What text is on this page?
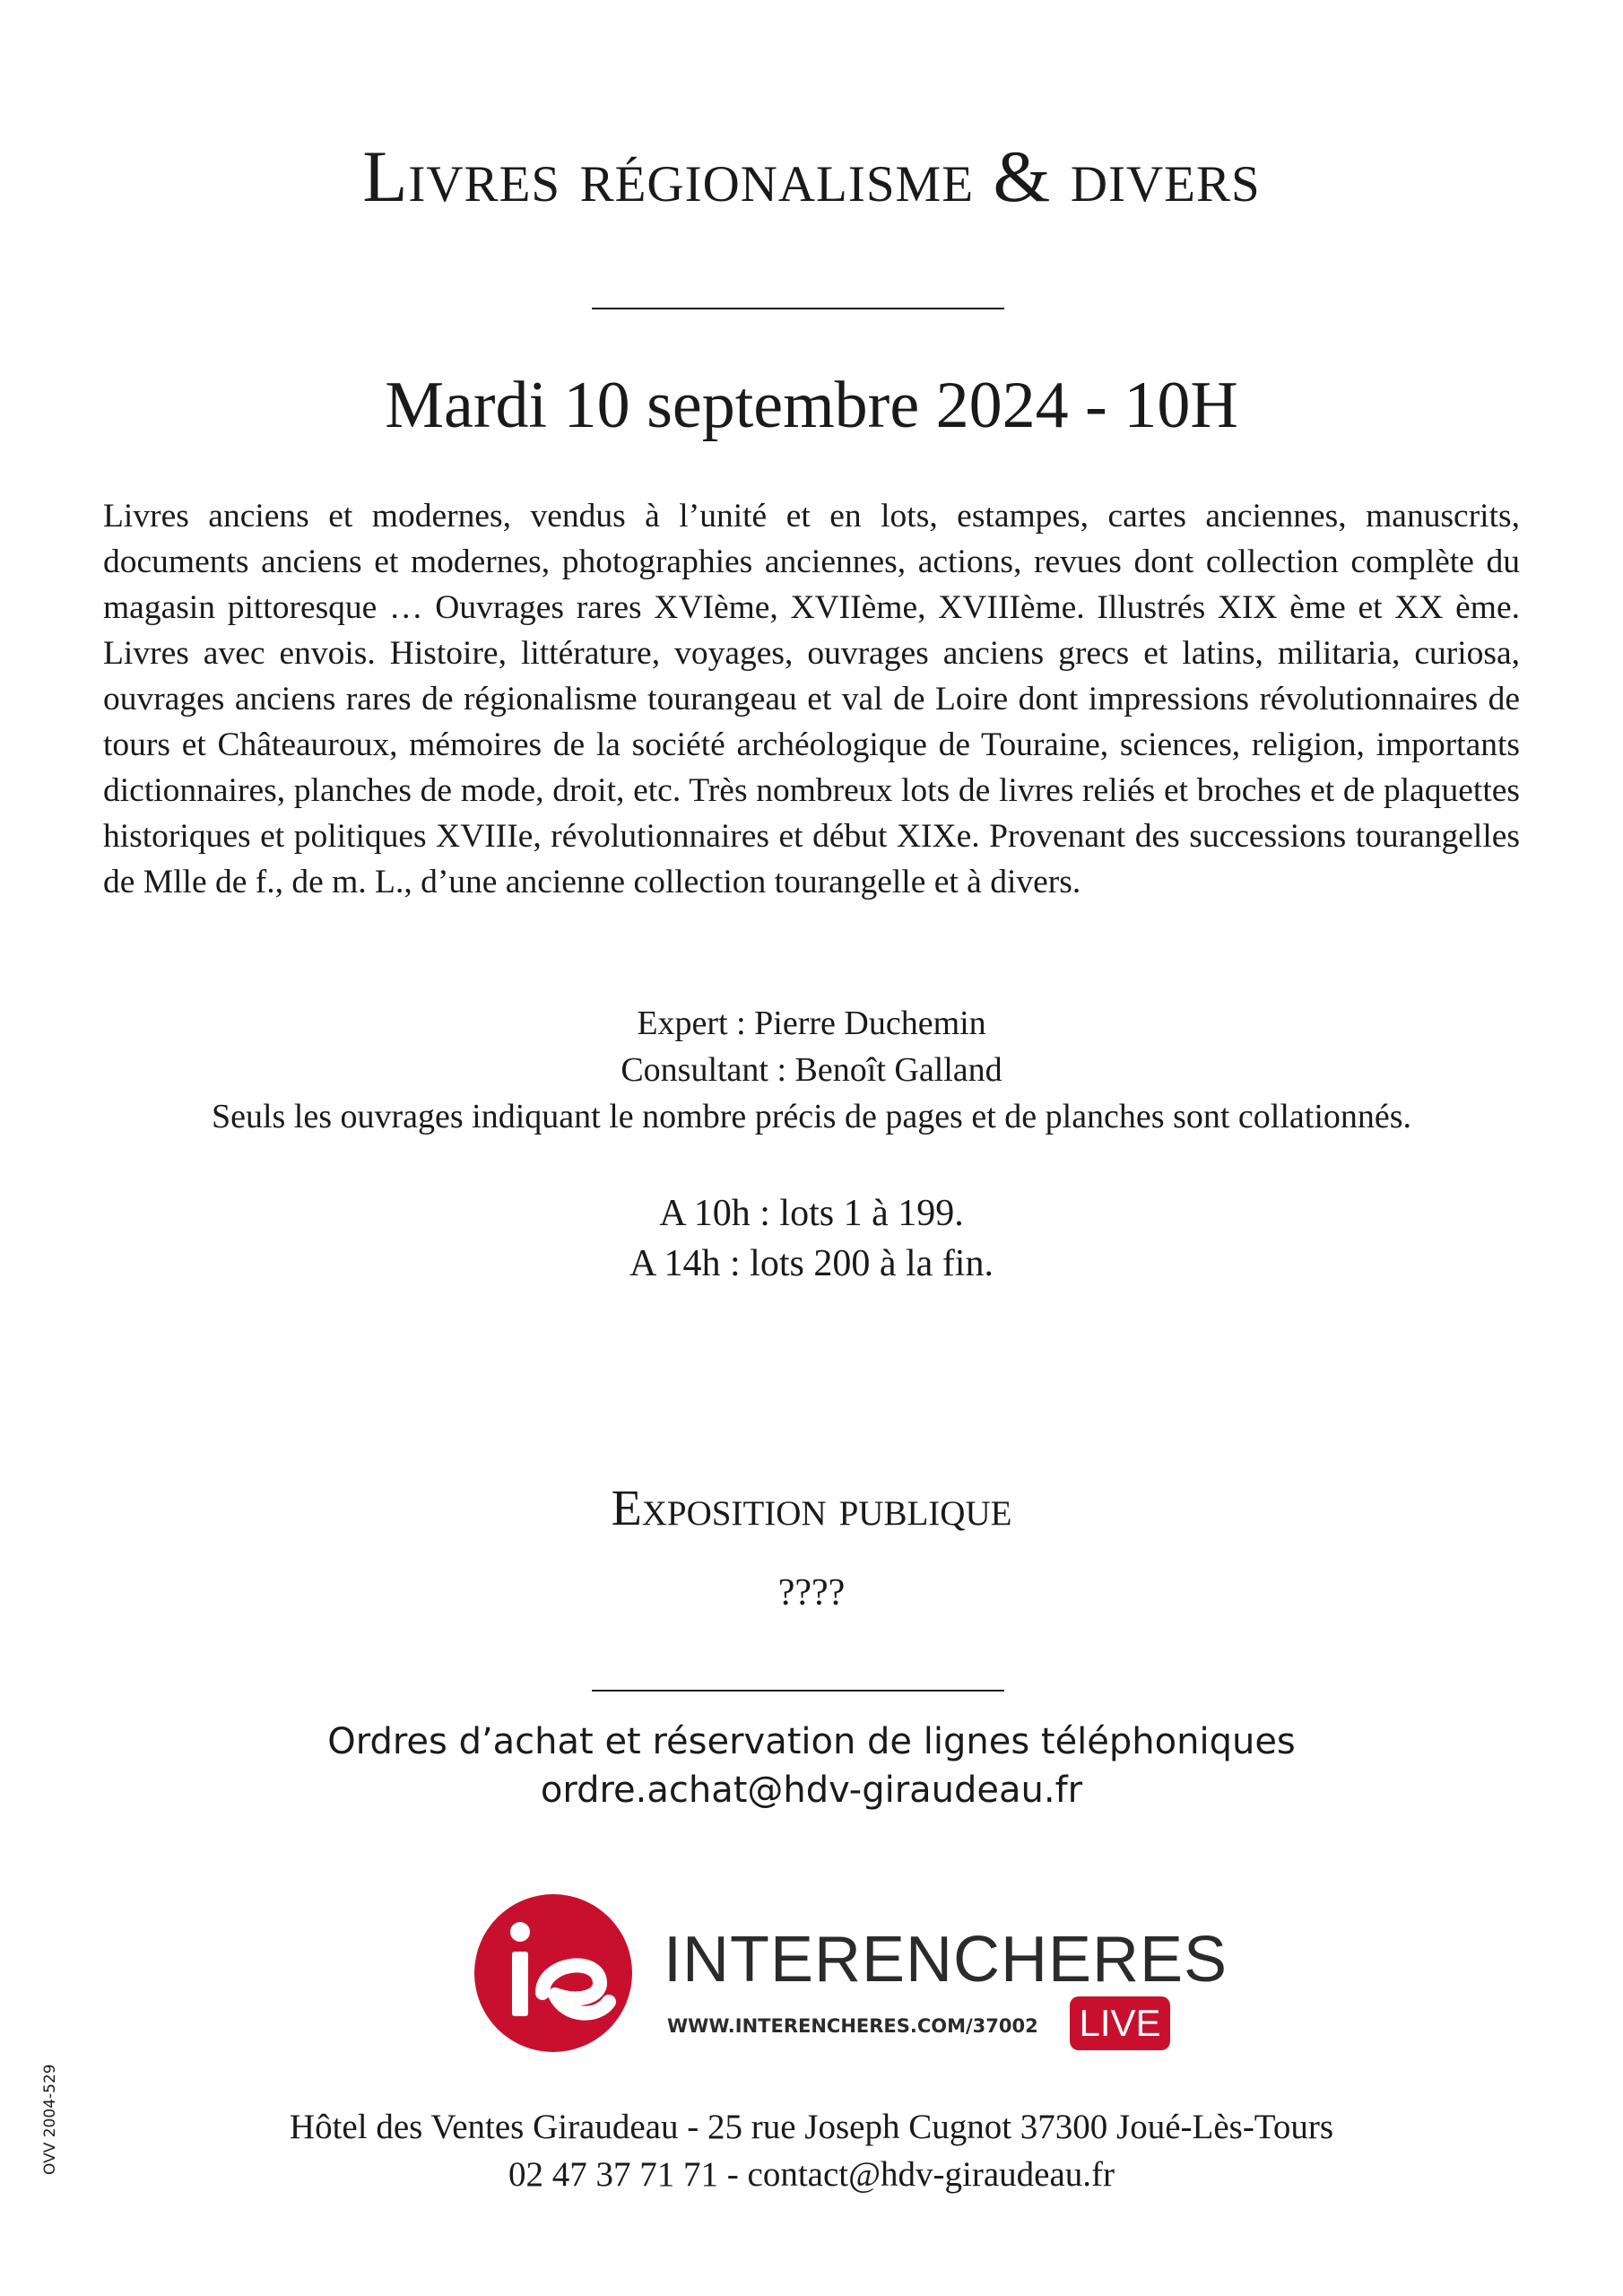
Livres régionalisme & divers
Mardi 10 septembre 2024 - 10H
Livres anciens et modernes, vendus à l’unité et en lots, estampes, cartes anciennes, manuscrits, documents anciens et modernes, photographies anciennes, actions, revues dont collection complète du magasin pittoresque … Ouvrages rares XVIème, XVIIème, XVIIIème. Illustrés XIX ème et XX ème. Livres avec envois. Histoire, littérature, voyages, ouvrages anciens grecs et latins, militaria, curiosa, ouvrages anciens rares de régionalisme tourangeau et val de Loire dont impressions révolutionnaires de tours et Châteauroux, mémoires de la société archéologique de Touraine, sciences, religion, importants dictionnaires, planches de mode, droit, etc. Très nombreux lots de livres reliés et broches et de plaquettes historiques et politiques XVIIIe, révolutionnaires et début XIXe. Provenant des successions tourangelles de Mlle de f., de m. L., d’une ancienne collection tourangelle et à divers.
Expert : Pierre Duchemin
Consultant : Benoît Galland
Seuls les ouvrages indiquant le nombre précis de pages et de planches sont collationnés.
A 10h : lots 1 à 199.
A 14h : lots 200 à la fin.
Exposition publique
????
Ordres d’achat et réservation de lignes téléphoniques
ordre.achat@hdv-giraudeau.fr
INTERENCHERES
WWW.INTERENCHERES.COM/37002 LIVE
Hôtel des Ventes Giraudeau - 25 rue Joseph Cugnot 37300 Joué-Lès-Tours
02 47 37 71 71 - contact@hdv-giraudeau.fr
OVV 2004-529
